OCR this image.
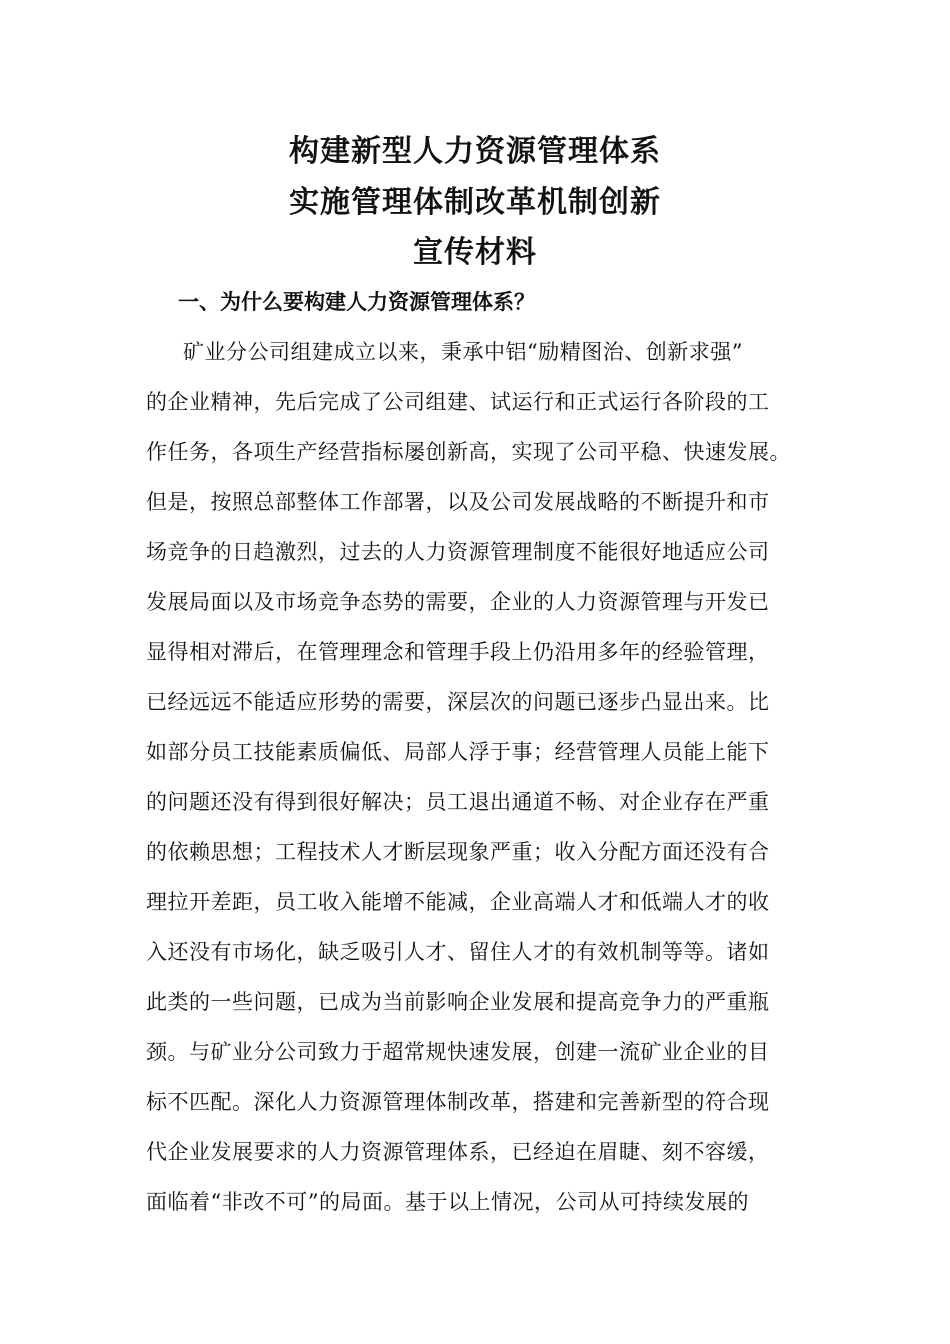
构建新型人力资源管理体系
实施管理体制改革机制创新
宣传材料
一、为什么要构建人力资源管理体系？
矿业分公司组建成立以来，秉承中铝“励精图治、创新求强”
的企业精神，先后完成了公司组建、试运行和正式运行各阶段的工
作任务，各项生产经营指标屡创新高，实现了公司平稳、快速发展。
但是，按照总部整体工作部署，以及公司发展战略的不断提升和市
场竞争的日趋激烈，过去的人力资源管理制度不能很好地适应公司
发展局面以及市场竞争态势的需要，企业的人力资源管理与开发已
显得相对滞后，在管理理念和管理手段上仍沿用多年的经验管理，
已经远远不能适应形势的需要，深层次的问题已逐步凸显出来。比
如部分员工技能素质偏低、局部人浮于事；经营管理人员能上能下
的问题还没有得到很好解决；员工退出通道不畅、对企业存在严重
的依赖思想；工程技术人才断层现象严重；收入分配方面还没有合
理拉开差距，员工收入能增不能减，企业高端人才和低端人才的收
入还没有市场化，缺乏吸引人才、留住人才的有效机制等等。诸如
此类的一些问题，已成为当前影响企业发展和提高竞争力的严重瓶
颈。与矿业分公司致力于超常规快速发展，创建一流矿业企业的目
标不匹配。深化人力资源管理体制改革，搭建和完善新型的符合现
代企业发展要求的人力资源管理体系，已经迫在眉睫、刻不容缓，
面临着“非改不可”的局面。基于以上情况，公司从可持续发展的
